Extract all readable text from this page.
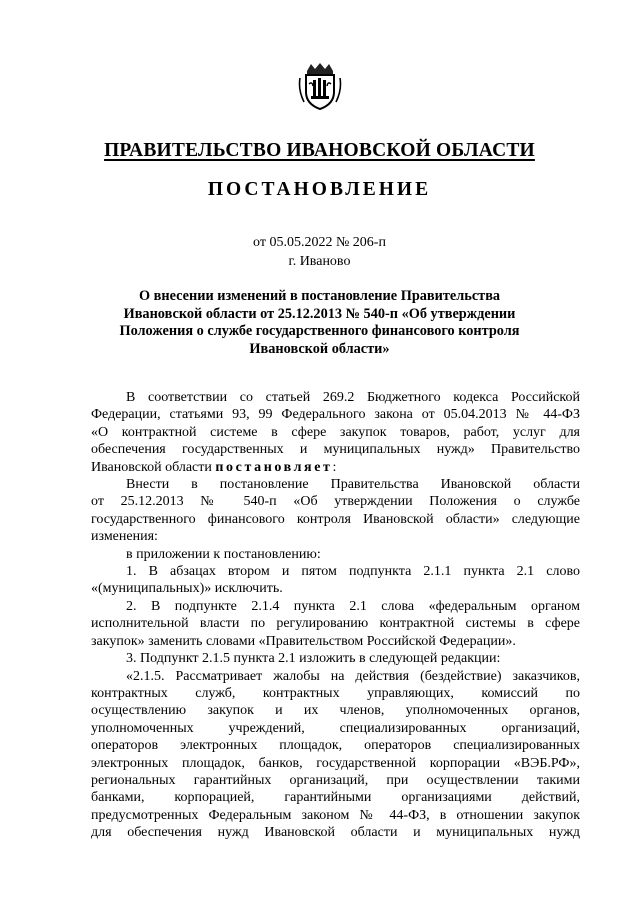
ПРАВИТЕЛЬСТВО ИВАНОВСКОЙ ОБЛАСТИ
ПОСТАНОВЛЕНИЕ
от 05.05.2022 № 206-п
г. Иваново
О внесении изменений в постановление Правительства
Ивановской области от 25.12.2013 № 540-п «Об утверждении
Положения о службе государственного финансового контроля
Ивановской области»
В соответствии со статьей 269.2 Бюджетного кодекса Российской
Федерации, статьями 93, 99 Федерального закона от 05.04.2013 № 44-ФЗ
«О контрактной системе в сфере закупок товаров, работ, услуг для
обеспечения государственных и муниципальных нужд» Правительство
Ивановской области постановляет:
Внести в постановление Правительства Ивановской области
от 25.12.2013 № 540-п «Об утверждении Положения о службе
государственного финансового контроля Ивановской области» следующие
изменения:
в приложении к постановлению:
1. В абзацах втором и пятом подпункта 2.1.1 пункта 2.1 слово
«(муниципальных)» исключить.
2. В подпункте 2.1.4 пункта 2.1 слова «федеральным органом
исполнительной власти по регулированию контрактной системы в сфере
закупок» заменить словами «Правительством Российской Федерации».
3. Подпункт 2.1.5 пункта 2.1 изложить в следующей редакции:
«2.1.5. Рассматривает жалобы на действия (бездействие) заказчиков,
контрактных служб, контрактных управляющих, комиссий по
осуществлению закупок и их членов, уполномоченных органов,
уполномоченных учреждений, специализированных организаций,
операторов электронных площадок, операторов специализированных
электронных площадок, банков, государственной корпорации «ВЭБ.РФ»,
региональных гарантийных организаций, при осуществлении такими
банками, корпорацией, гарантийными организациями действий,
предусмотренных Федеральным законом № 44-ФЗ, в отношении закупок
для обеспечения нужд Ивановской области и муниципальных нужд
